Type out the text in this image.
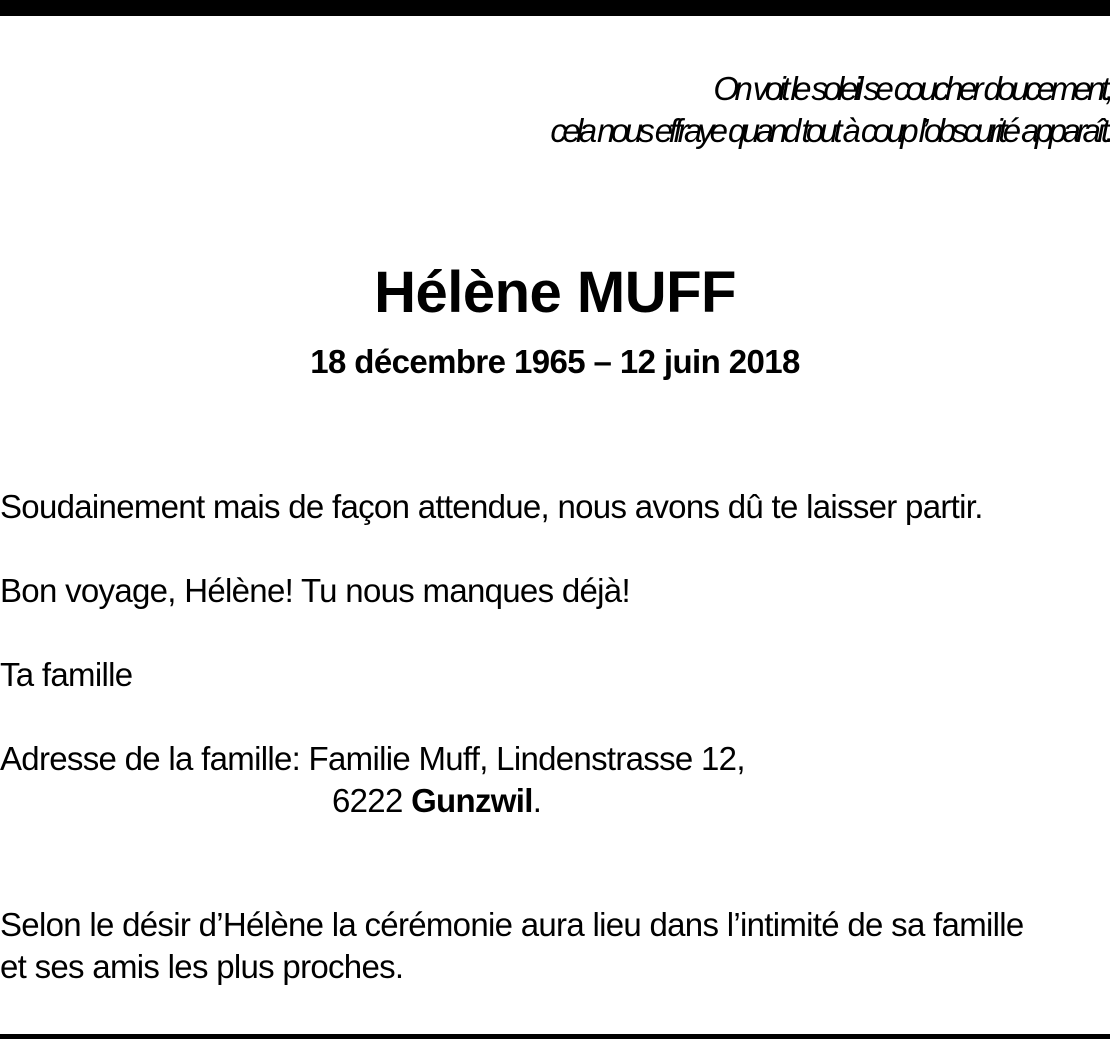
On voit le soleil se coucher doucement,
cela nous effraye quand tout à coup l’obscurité apparaît.
Hélène MUFF
18 décembre 1965 – 12 juin 2018
Soudainement mais de façon attendue, nous avons dû te laisser partir.
Bon voyage, Hélène! Tu nous manques déjà!
Ta famille
Adresse de la famille: Familie Muff, Lindenstrasse 12,
6222 Gunzwil.
Selon le désir d’Hélène la cérémonie aura lieu dans l’intimité de sa famille
et ses amis les plus proches.
